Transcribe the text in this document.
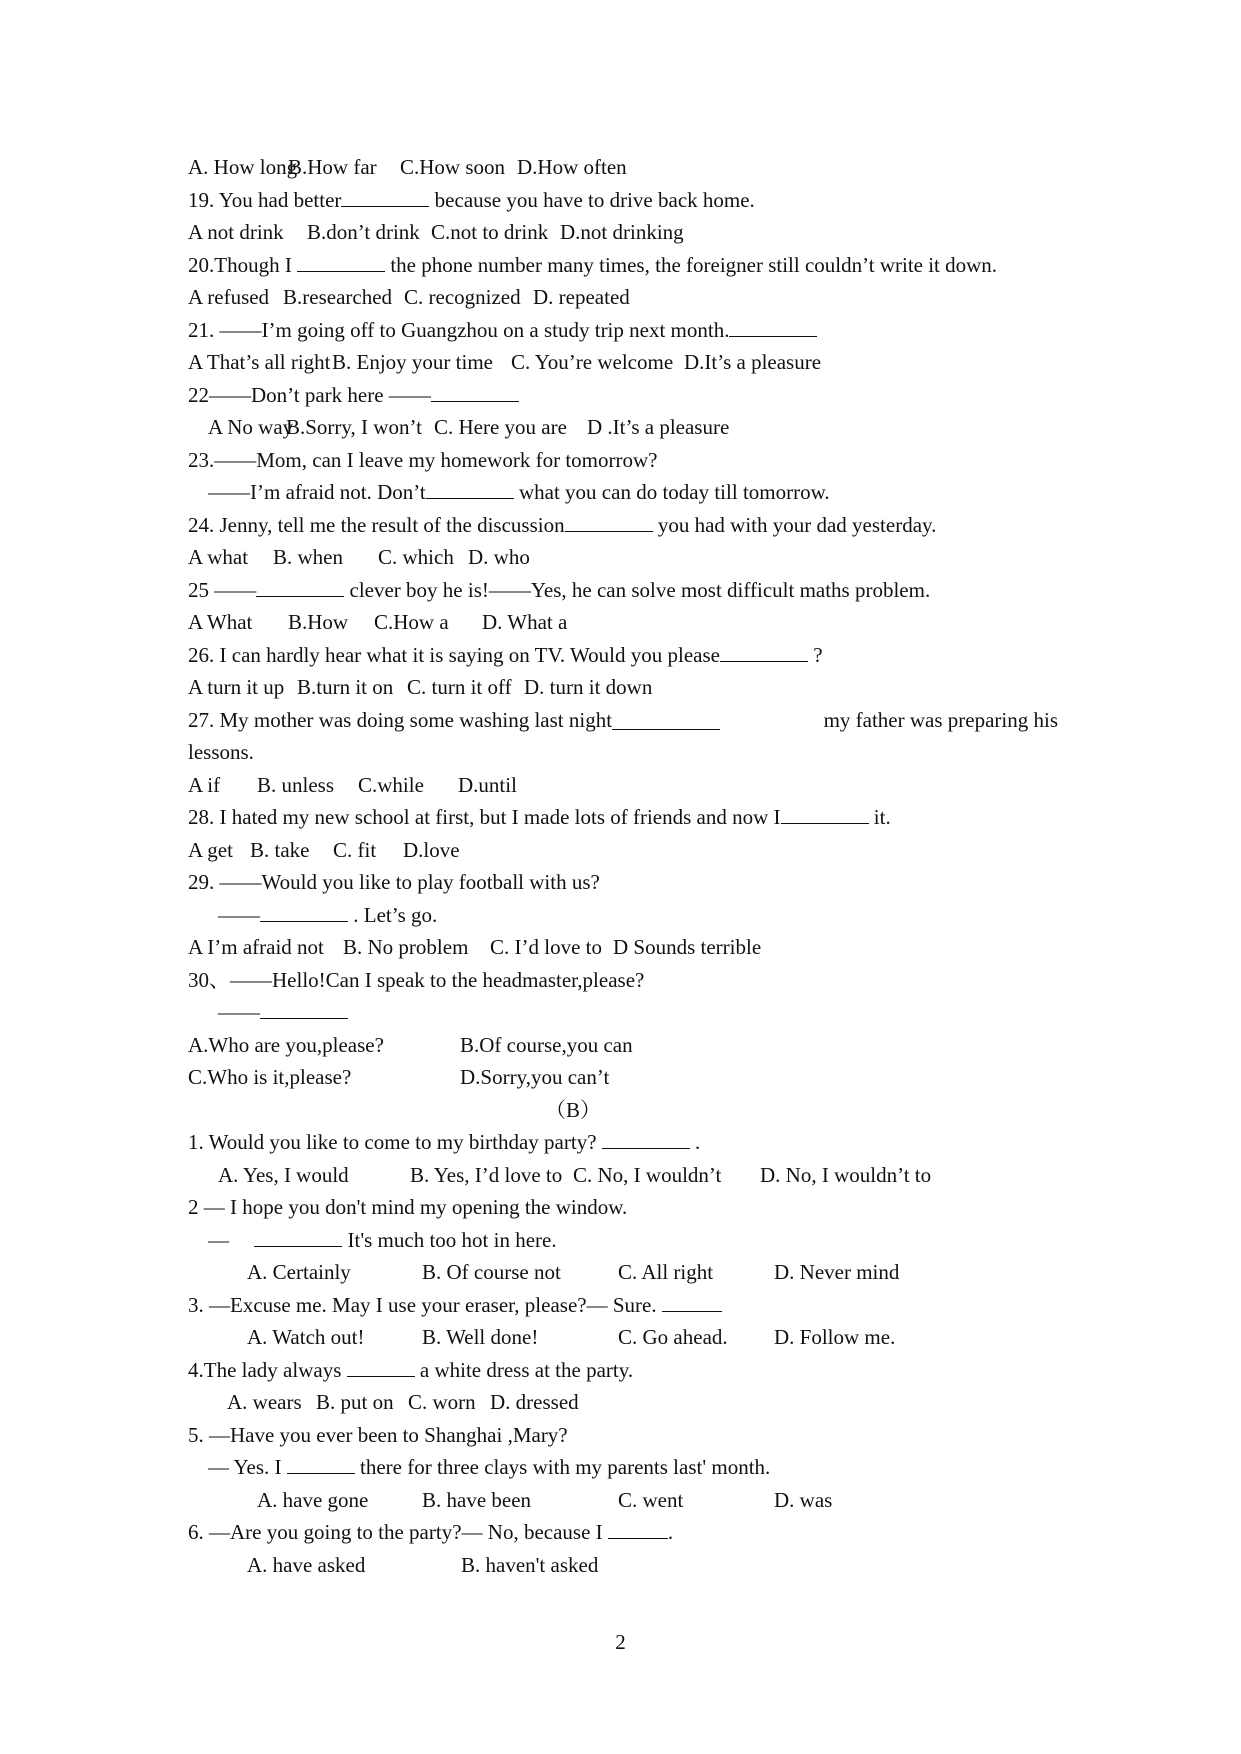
A. How long
B.How far C.How soon D.How often
19. You had better	because you have to drive back home.
A not drink B.don’t drink C.not to drink D.not drinking
20.Though I	the phone number many times, the foreigner still couldn’t write it down.
A refused B.researched C. recognized D. repeated
21. ——I’m going off to Guangzhou on a study trip next month.
A That’s all right B. Enjoy your time C. You’re welcome D.It’s a pleasure
22——Don’t park here ——
A No way
B.Sorry, I won’t C. Here you are D .It’s a pleasure
23.——Mom, can I leave my homework for tomorrow?
——I’m afraid not. Don’t	what you can do today till tomorrow.
24. Jenny, tell me the result of the discussion	you had with your dad yesterday.
A what B. when C. which D. who
25 ——	clever boy he is!——Yes, he can solve most difficult maths problem.
A What B.How C.How a D. What a
26. I can hardly hear what it is saying on TV. Would you please	?
A turn it up B.turn it on C. turn it off D. turn it down
27. My mother was doing some washing last night	my father was preparing his
lessons.
A if B. unless C.while D.until
28. I hated my new school at first, but I made lots of friends and now I	it.
A get B. take C. fit D.love
29. ——Would you like to play football with us?
——	. Let’s go.
A I’m afraid not B. No problem C. I’d love to D Sounds terrible
30、——Hello!Can I speak to the headmaster,please?
——
A.Who are you,please?	B.Of course,you can
C.Who is it,please?	D.Sorry,you can’t
（B）
1. Would you like to come to my birthday party?	.
A. Yes, I would	B. Yes, I’d love to C. No, I wouldn’t D. No, I wouldn’t to
2 — I hope you don't mind my opening the window.
—	It's much too hot in here.
A. Certainly	B. Of course not	C. All right	D. Never mind
3. —Excuse me. May I use your eraser, please?— Sure.
A. Watch out!	B. Well done!	C. Go ahead. D. Follow me.
4.The lady always	a white dress at the party.
A. wears B. put on C. worn D. dressed
5. —Have you ever been to Shanghai ,Mary?
— Yes. I	there for three clays with my parents last' month.
A. have gone	B. have been	C. went	D. was
6. —Are you going to the party?— No, because I	.
A. have asked	B. haven't asked
2
